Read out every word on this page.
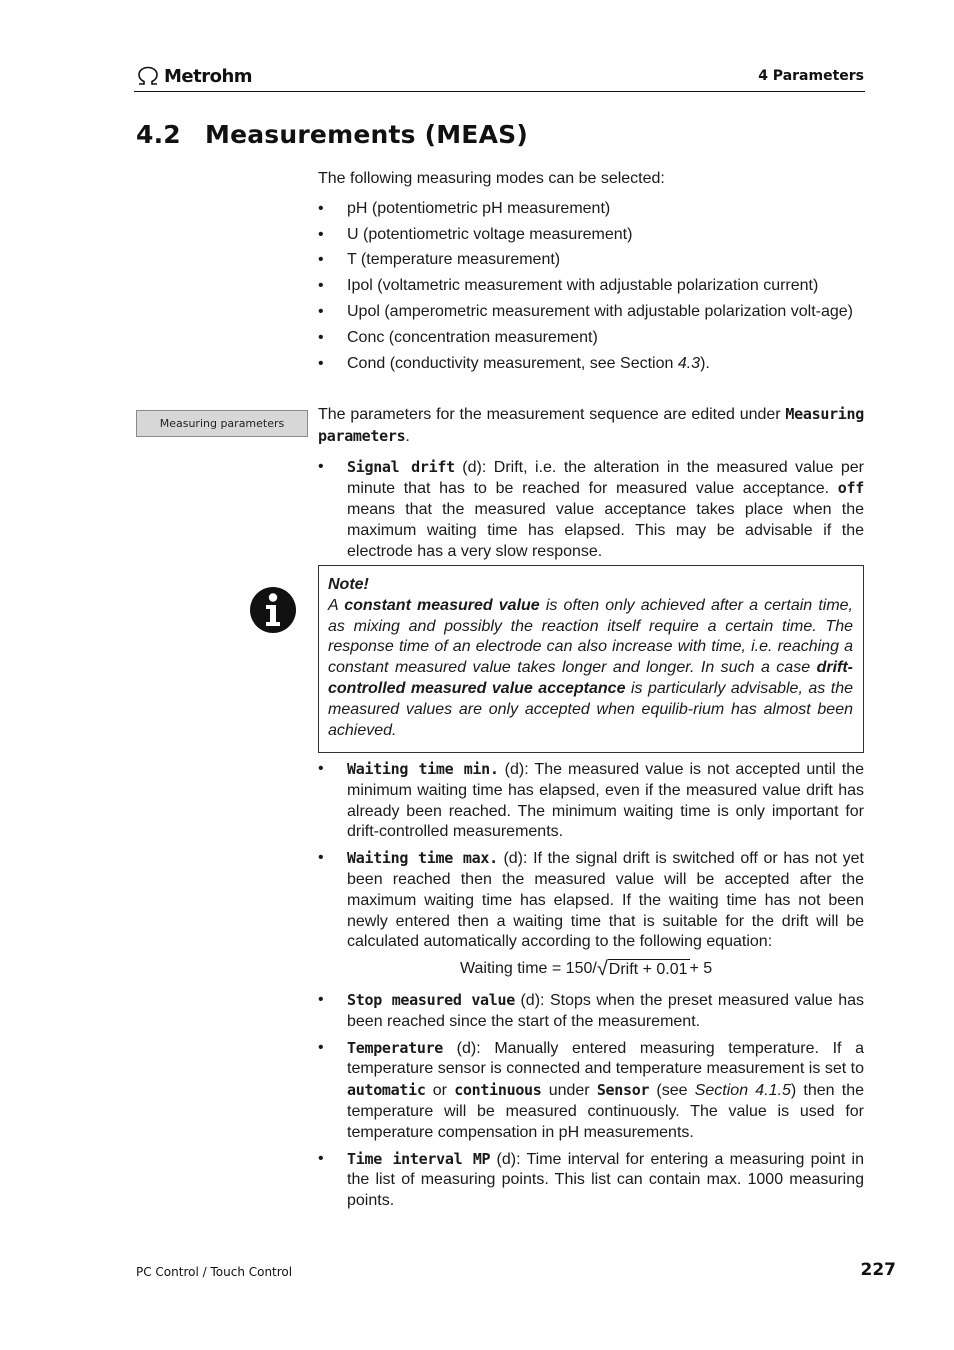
Metrohm	4 Parameters
4.2 Measurements (MEAS)

The following measuring modes can be selected:

• pH (potentiometric pH measurement)
• U (potentiometric voltage measurement)
• T (temperature measurement)
• Ipol (voltametric measurement with adjustable polarization current)
• Upol (amperometric measurement with adjustable polarization volt-age)
• Conc (concentration measurement)
• Cond (conductivity measurement, see Section 4.3).
Measuring parameters

The parameters for the measurement sequence are edited under Measuring parameters.

• Signal drift (d): Drift, i.e. the alteration in the measured value per minute that has to be reached for measured value acceptance. off means that the measured value acceptance takes place when the maximum waiting time has elapsed. This may be advisable if the electrode has a very slow response.
Note!
A constant measured value is often only achieved after a certain time, as mixing and possibly the reaction itself require a certain time. The response time of an electrode can also increase with time, i.e. reaching a constant measured value takes longer and longer. In such a case drift-controlled measured value acceptance is particularly advisable, as the measured values are only accepted when equilib-rium has almost been achieved.
• Waiting time min. (d): The measured value is not accepted until the minimum waiting time has elapsed, even if the measured value drift has already been reached. The minimum waiting time is only important for drift-controlled measurements.
• Waiting time max. (d): If the signal drift is switched off or has not yet been reached then the measured value will be accepted after the maximum waiting time has elapsed. If the waiting time has not been newly entered then a waiting time that is suitable for the drift will be calculated automatically according to the following equation:
Waiting time = 150/ √ Drift + 0.01 + 5
• Stop measured value (d): Stops when the preset measured value has been reached since the start of the measurement.
• Temperature (d): Manually entered measuring temperature. If a temperature sensor is connected and temperature measurement is set to automatic or continuous under Sensor (see Section 4.1.5) then the temperature will be measured continuously. The value is used for temperature compensation in pH measurements.
• Time interval MP (d): Time interval for entering a measuring point in the list of measuring points. This list can contain max. 1000 measuring points.
PC Control / Touch Control	227
